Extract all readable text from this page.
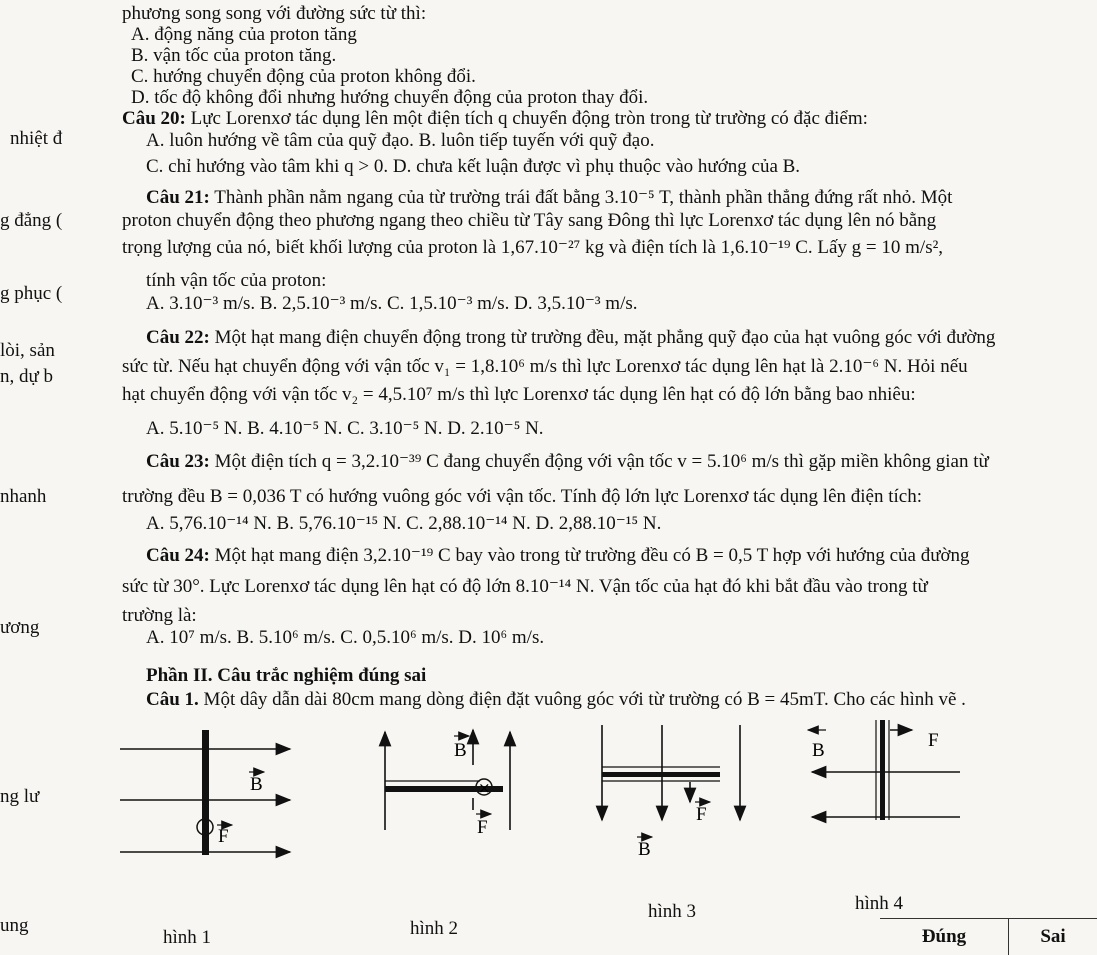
nhiệt đ
g đẳng (
g phục (
lòi, sản
n, dự b
nhanh
ương
ng lư
ung
phương song song với đường sức từ thì:
A. động năng của proton tăng
B. vận tốc của proton tăng.
C. hướng chuyển động của proton không đổi.
D. tốc độ không đổi nhưng hướng chuyển động của proton thay đổi.
Câu 20: Lực Lorenxơ tác dụng lên một điện tích q chuyển động tròn trong từ trường có đặc điểm:
A. luôn hướng về tâm của quỹ đạo. B. luôn tiếp tuyến với quỹ đạo.
C. chỉ hướng vào tâm khi q > 0. D. chưa kết luận được vì phụ thuộc vào hướng của B.
Câu 21: Thành phần nằm ngang của từ trường trái đất bằng 3.10⁻⁵ T, thành phần thẳng đứng rất nhỏ. Một
proton chuyển động theo phương ngang theo chiều từ Tây sang Đông thì lực Lorenxơ tác dụng lên nó bằng
trọng lượng của nó, biết khối lượng của proton là 1,67.10⁻²⁷ kg và điện tích là 1,6.10⁻¹⁹ C. Lấy g = 10 m/s²,
tính vận tốc của proton:
A. 3.10⁻³ m/s. B. 2,5.10⁻³ m/s. C. 1,5.10⁻³ m/s. D. 3,5.10⁻³ m/s.
Câu 22: Một hạt mang điện chuyển động trong từ trường đều, mặt phẳng quỹ đạo của hạt vuông góc với đường
sức từ. Nếu hạt chuyển động với vận tốc v₁ = 1,8.10⁶ m/s thì lực Lorenxơ tác dụng lên hạt là 2.10⁻⁶ N. Hỏi nếu
hạt chuyển động với vận tốc v₂ = 4,5.10⁷ m/s thì lực Lorenxơ tác dụng lên hạt có độ lớn bằng bao nhiêu:
A. 5.10⁻⁵ N. B. 4.10⁻⁵ N. C. 3.10⁻⁵ N. D. 2.10⁻⁵ N.
Câu 23: Một điện tích q = 3,2.10⁻³⁹ C đang chuyển động với vận tốc v = 5.10⁶ m/s thì gặp miền không gian từ
trường đều B = 0,036 T có hướng vuông góc với vận tốc. Tính độ lớn lực Lorenxơ tác dụng lên điện tích:
A. 5,76.10⁻¹⁴ N. B. 5,76.10⁻¹⁵ N. C. 2,88.10⁻¹⁴ N. D. 2,88.10⁻¹⁵ N.
Câu 24: Một hạt mang điện 3,2.10⁻¹⁹ C bay vào trong từ trường đều có B = 0,5 T hợp với hướng của đường
sức từ 30°. Lực Lorenxơ tác dụng lên hạt có độ lớn 8.10⁻¹⁴ N. Vận tốc của hạt đó khi bắt đầu vào trong từ
trường là:
A. 10⁷ m/s. B. 5.10⁶ m/s. C. 0,5.10⁶ m/s. D. 10⁶ m/s.
Phần II. Câu trắc nghiệm đúng sai
Câu 1. Một dây dẫn dài 80cm mang dòng điện đặt vuông góc với từ trường có B = 45mT. Cho các hình vẽ .
B
F
×
B
F
F
B
B	F
hình 1	hình 2
hình 3	hình 4
Đúng	Sai
